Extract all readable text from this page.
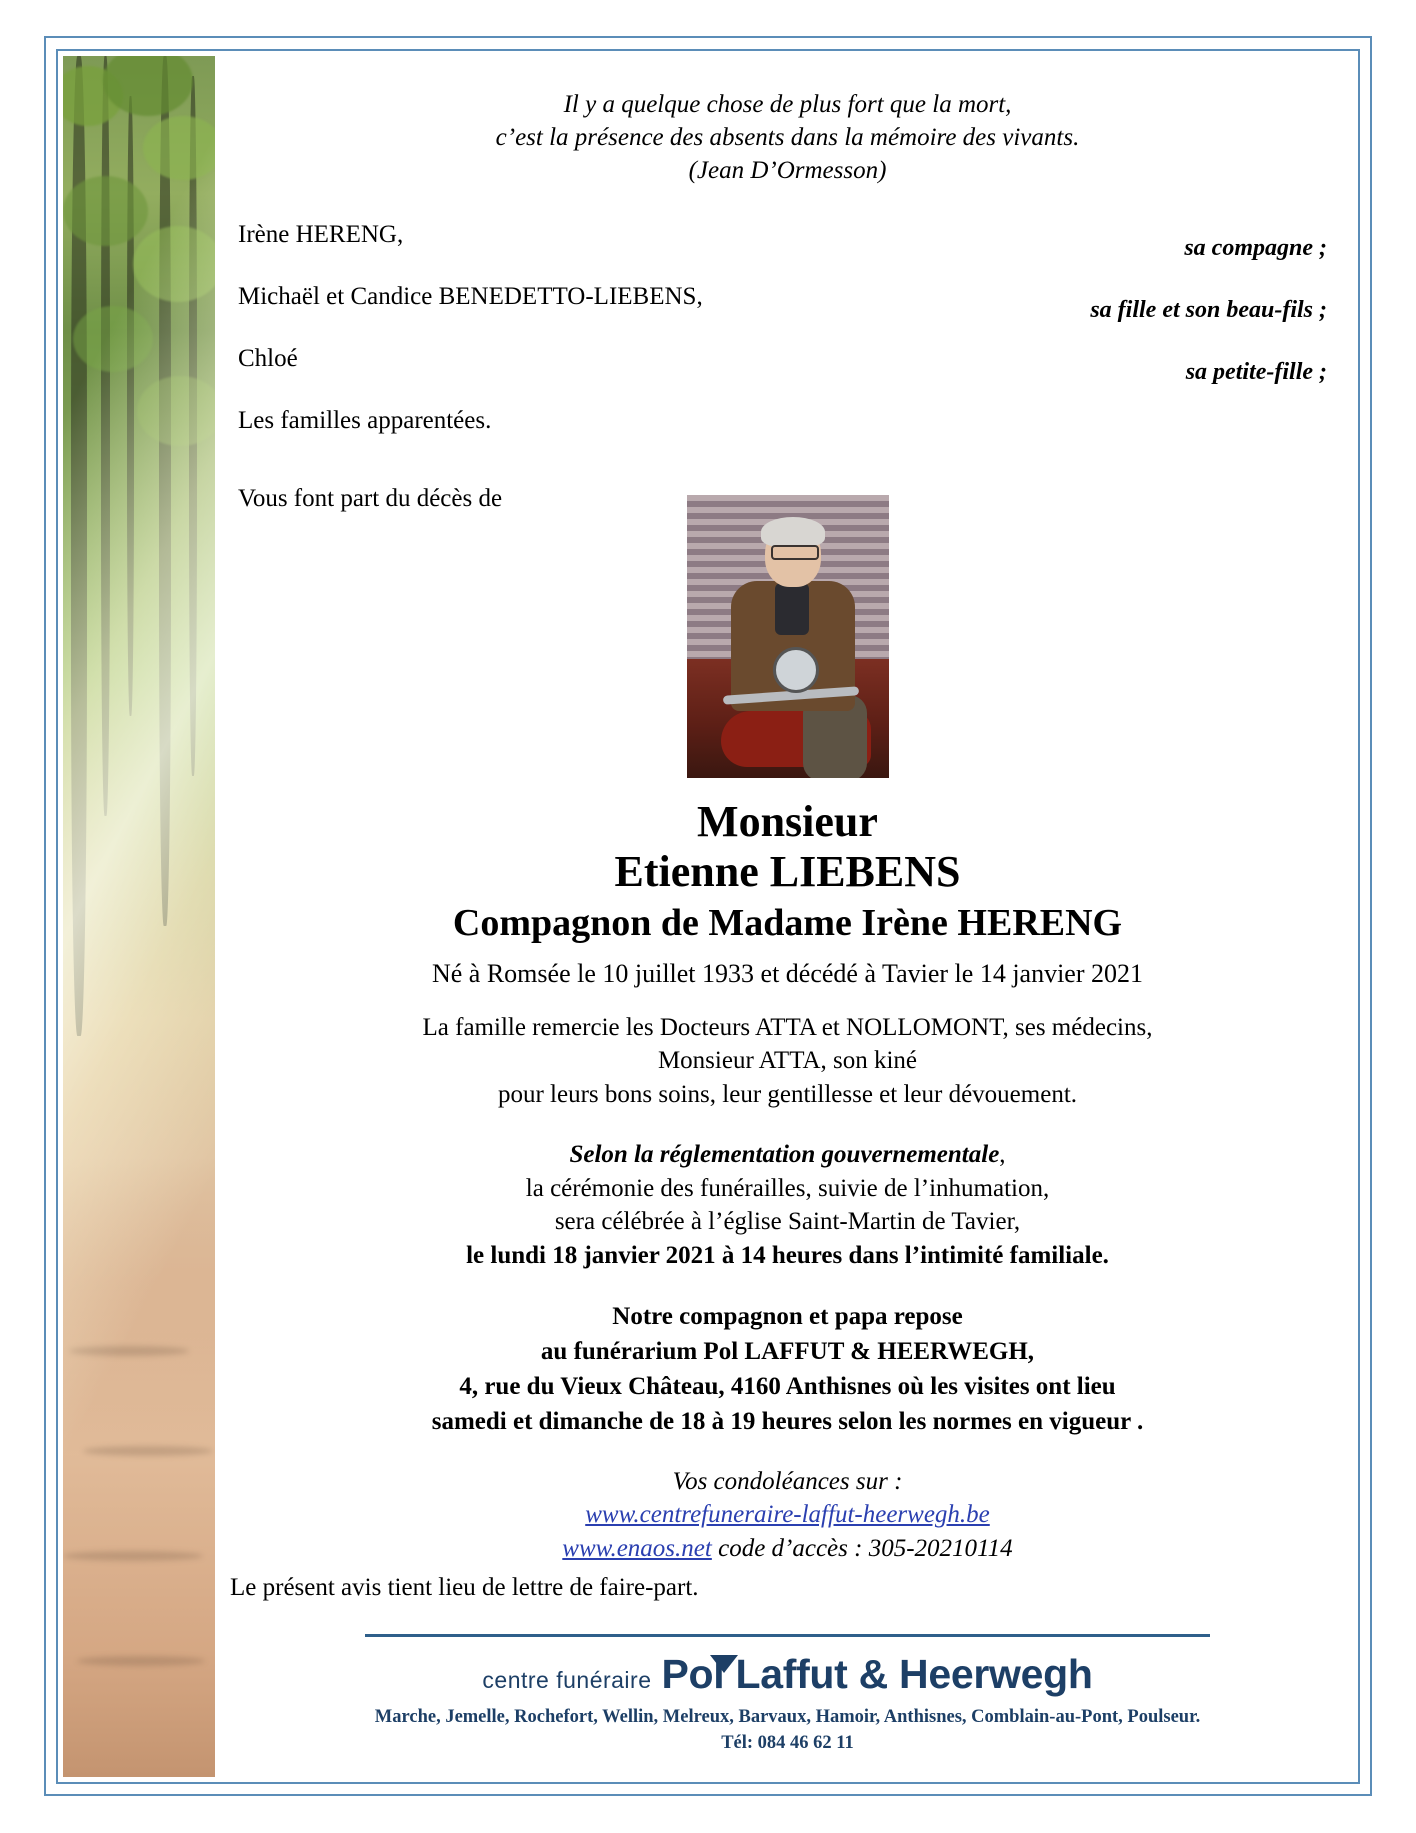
Il y a quelque chose de plus fort que la mort,
c’est la présence des absents dans la mémoire des vivants.
(Jean D’Ormesson)
Irène HERENG,	sa compagne ;
Michaël et Candice BENEDETTO-LIEBENS,	sa fille et son beau-fils ;
Chloé	sa petite-fille ;
Les familles apparentées.
Vous font part du décès de
Monsieur
Etienne LIEBENS
Compagnon de Madame Irène HERENG
Né à Romsée le 10 juillet 1933 et décédé à Tavier le 14 janvier 2021
La famille remercie les Docteurs ATTA et NOLLOMONT, ses médecins,
Monsieur ATTA, son kiné
pour leurs bons soins, leur gentillesse et leur dévouement.
Selon la réglementation gouvernementale,
la cérémonie des funérailles, suivie de l’inhumation,
sera célébrée à l’église Saint-Martin de Tavier,
le lundi 18 janvier 2021 à 14 heures dans l’intimité familiale.
Notre compagnon et papa repose
au funérarium Pol LAFFUT & HEERWEGH,
4, rue du Vieux Château, 4160 Anthisnes où les visites ont lieu
samedi et dimanche de 18 à 19 heures selon les normes en vigueur .
Vos condoléances sur :
www.centrefuneraire-laffut-heerwegh.be
www.enaos.net code d’accès : 305-20210114
Le présent avis tient lieu de lettre de faire-part.
centre funéraire Pol Laffut & Heerwegh
Marche, Jemelle, Rochefort, Wellin, Melreux, Barvaux, Hamoir, Anthisnes, Comblain-au-Pont, Poulseur.
Tél: 084 46 62 11
